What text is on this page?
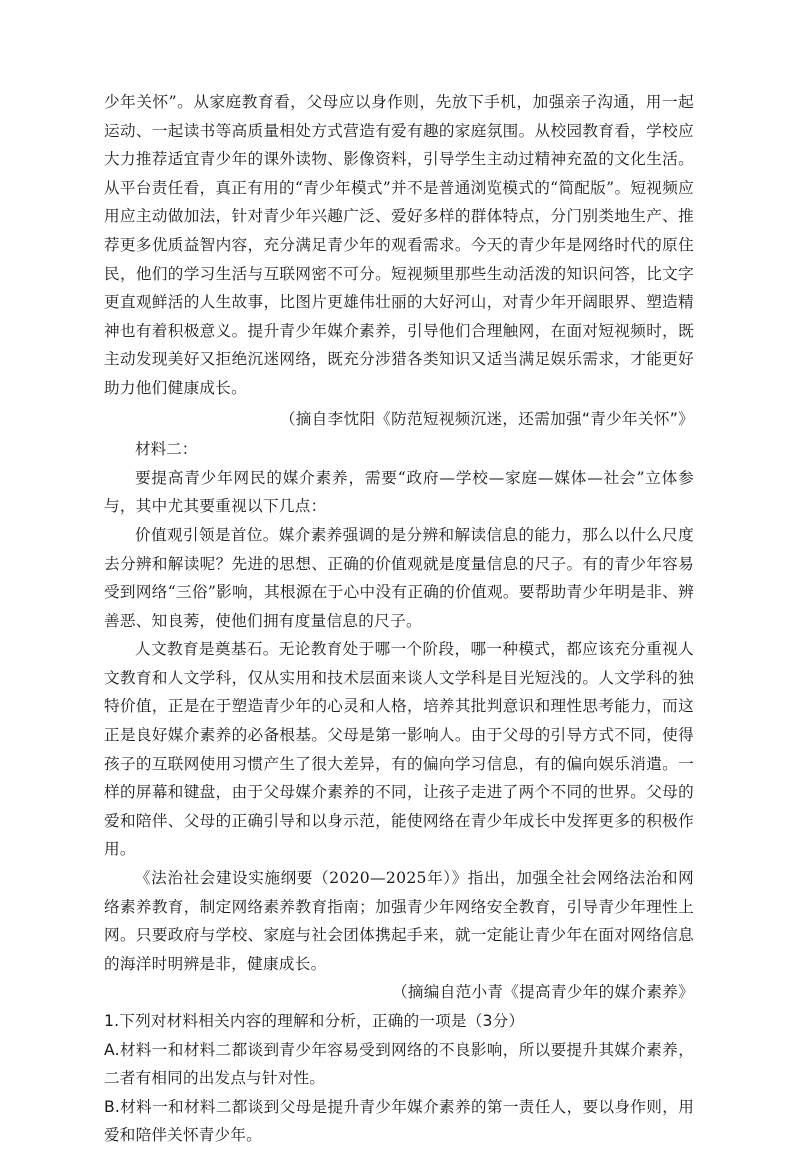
少年关怀”。从家庭教育看，父母应以身作则，先放下手机，加强亲子沟通，用一起运动、一起读书等高质量相处方式营造有爱有趣的家庭氛围。从校园教育看，学校应大力推荐适宜青少年的课外读物、影像资料，引导学生主动过精神充盈的文化生活。从平台责任看，真正有用的“青少年模式”并不是普通浏览模式的“简配版”。短视频应用应主动做加法，针对青少年兴趣广泛、爱好多样的群体特点，分门别类地生产、推荐更多优质益智内容，充分满足青少年的观看需求。今天的青少年是网络时代的原住民，他们的学习生活与互联网密不可分。短视频里那些生动活泼的知识问答，比文字更直观鲜活的人生故事，比图片更雄伟壮丽的大好河山，对青少年开阔眼界、塑造精神也有着积极意义。提升青少年媒介素养，引导他们合理触网，在面对短视频时，既主动发现美好又拒绝沉迷网络，既充分涉猎各类知识又适当满足娱乐需求，才能更好助力他们健康成长。

（摘自李忱阳《防范短视频沉迷，还需加强“青少年关怀”》

材料二：

要提高青少年网民的媒介素养，需要“政府—学校—家庭—媒体—社会”立体参与，其中尤其要重视以下几点：

价值观引领是首位。媒介素养强调的是分辨和解读信息的能力，那么以什么尺度去分辨和解读呢？先进的思想、正确的价值观就是度量信息的尺子。有的青少年容易受到网络“三俗”影响，其根源在于心中没有正确的价值观。要帮助青少年明是非、辨善恶、知良莠，使他们拥有度量信息的尺子。

人文教育是奠基石。无论教育处于哪一个阶段，哪一种模式，都应该充分重视人文教育和人文学科，仅从实用和技术层面来谈人文学科是目光短浅的。人文学科的独特价值，正是在于塑造青少年的心灵和人格，培养其批判意识和理性思考能力，而这正是良好媒介素养的必备根基。父母是第一影响人。由于父母的引导方式不同，使得孩子的互联网使用习惯产生了很大差异，有的偏向学习信息，有的偏向娱乐消遣。一样的屏幕和键盘，由于父母媒介素养的不同，让孩子走进了两个不同的世界。父母的爱和陪伴、父母的正确引导和以身示范，能使网络在青少年成长中发挥更多的积极作用。

《法治社会建设实施纲要（2020—2025年）》指出，加强全社会网络法治和网络素养教育，制定网络素养教育指南；加强青少年网络安全教育，引导青少年理性上网。只要政府与学校、家庭与社会团体携起手来，就一定能让青少年在面对网络信息的海洋时明辨是非，健康成长。

（摘编自范小青《提高青少年的媒介素养》

1.下列对材料相关内容的理解和分析，正确的一项是（3分）

A.材料一和材料二都谈到青少年容易受到网络的不良影响，所以要提升其媒介素养，二者有相同的出发点与针对性。

B.材料一和材料二都谈到父母是提升青少年媒介素养的第一责任人，要以身作则，用爱和陪伴关怀青少年。
